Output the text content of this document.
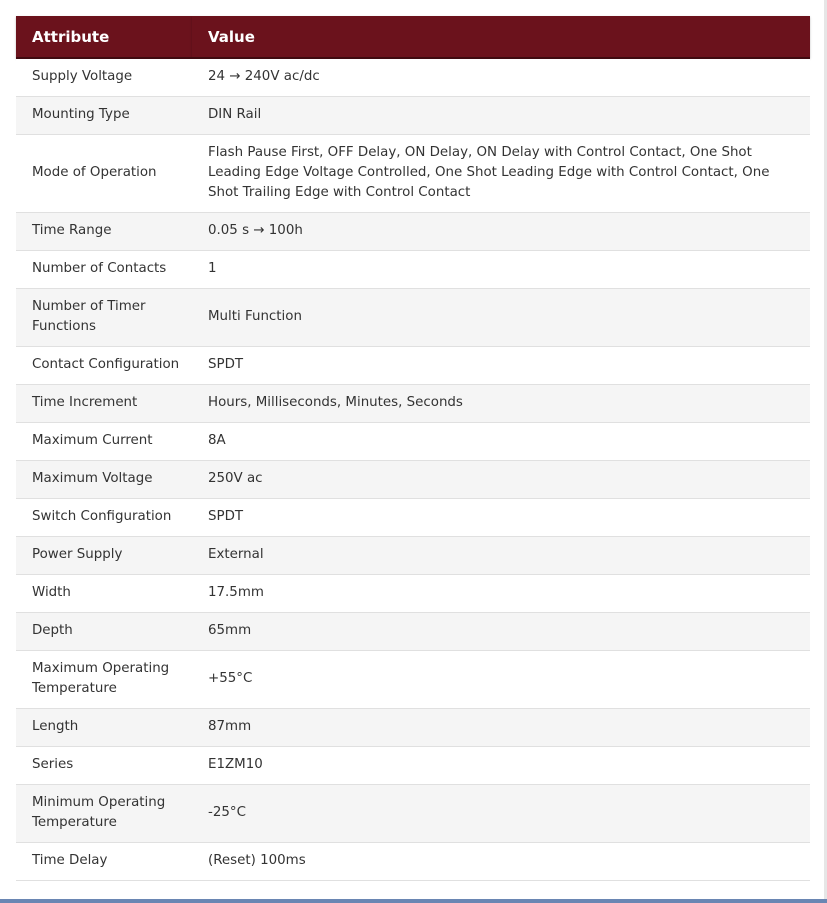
Attribute	Value
Supply Voltage	24 → 240V ac/dc
Mounting Type	DIN Rail
Mode of Operation	Flash Pause First, OFF Delay, ON Delay, ON Delay with Control Contact, One Shot Leading Edge Voltage Controlled, One Shot Leading Edge with Control Contact, One Shot Trailing Edge with Control Contact
Time Range	0.05 s → 100h
Number of Contacts	1
Number of Timer Functions	Multi Function
Contact Configuration	SPDT
Time Increment	Hours, Milliseconds, Minutes, Seconds
Maximum Current	8A
Maximum Voltage	250V ac
Switch Configuration	SPDT
Power Supply	External
Width	17.5mm
Depth	65mm
Maximum Operating Temperature	+55°C
Length	87mm
Series	E1ZM10
Minimum Operating Temperature	-25°C
Time Delay	(Reset) 100ms
